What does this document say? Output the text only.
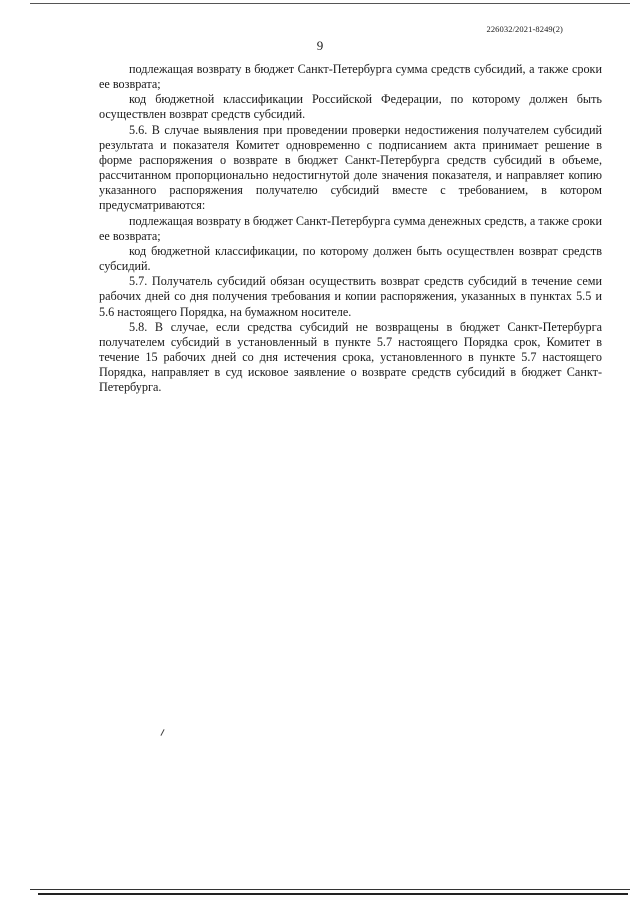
226032/2021-8249(2)
9

подлежащая возврату в бюджет Санкт-Петербурга сумма средств субсидий, а также сроки ее возврата;

код бюджетной классификации Российской Федерации, по которому должен быть осуществлен возврат средств субсидий.

5.6. В случае выявления при проведении проверки недостижения получателем субсидий результата и показателя Комитет одновременно с подписанием акта принимает решение в форме распоряжения о возврате в бюджет Санкт-Петербурга средств субсидий в объеме, рассчитанном пропорционально недостигнутой доле значения показателя, и направляет копию указанного распоряжения получателю субсидий вместе с требованием, в котором предусматриваются:

подлежащая возврату в бюджет Санкт-Петербурга сумма денежных средств, а также сроки ее возврата;

код бюджетной классификации, по которому должен быть осуществлен возврат средств субсидий.

5.7. Получатель субсидий обязан осуществить возврат средств субсидий в течение семи рабочих дней со дня получения требования и копии распоряжения, указанных в пунктах 5.5 и 5.6 настоящего Порядка, на бумажном носителе.

5.8. В случае, если средства субсидий не возвращены в бюджет Санкт-Петербурга получателем субсидий в установленный в пункте 5.7 настоящего Порядка срок, Комитет в течение 15 рабочих дней со дня истечения срока, установленного в пункте 5.7 настоящего Порядка, направляет в суд исковое заявление о возврате средств субсидий в бюджет Санкт-Петербурга.
